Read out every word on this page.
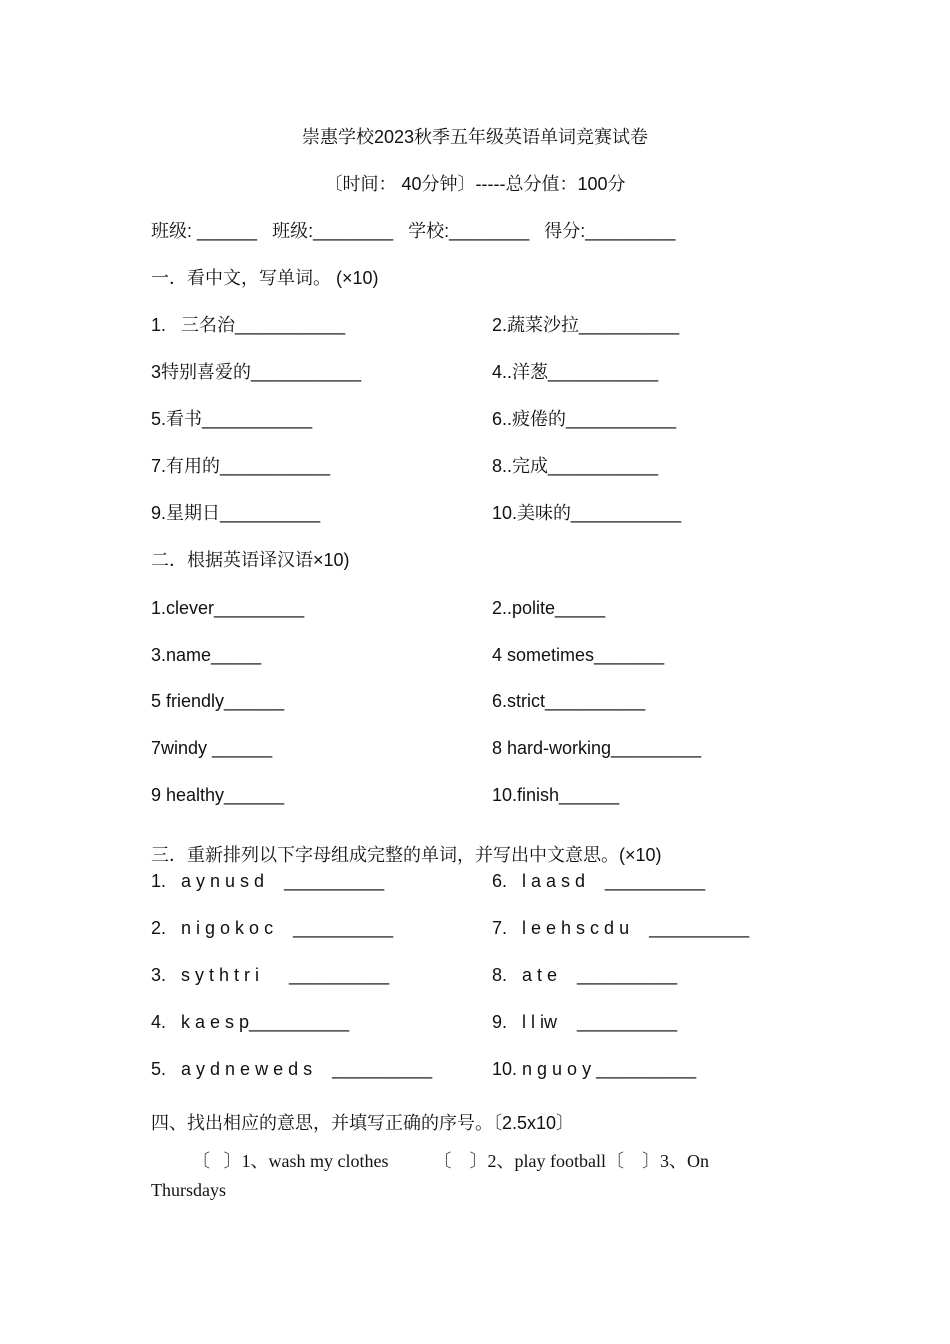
崇惠学校2023秋季五年级英语单词竞赛试卷
〔时间： 40分钟〕-----总分值：100分
班级: ______   班级:________   学校:________   得分:_________
一．看中文，写单词。 (×10)
1.   三名治___________	2.蔬菜沙拉__________
3特别喜爱的___________	4..洋葱___________
5.看书___________	6..疲倦的___________
7.有用的___________	8..完成___________
9.星期日__________	10.美味的___________
二．根据英语译汉语×10)
1.clever_________	2..polite_____
3.name_____	4 sometimes_______
5 friendly______	6.strict__________
7windy ______	8 hard-working_________
9 healthy______	10.finish______
三．重新排列以下字母组成完整的单词，并写出中文意思。(×10)
1.   a y n u s d    __________	6.   l a a s d    __________
2.   n i g o k o c    __________	7.   l e e h s c d u    __________
3.   s y t h t r i      __________	8.   a t e    __________
4.   k a e s p__________	9.   l l iw    __________
5.   a y d n e w e d s    __________	10. n g u o y __________
四、找出相应的意思，并填写正确的序号。〔2.5x10〕
〔   〕1、wash my clothes          〔    〕2、play football〔    〕3、On
Thursdays
